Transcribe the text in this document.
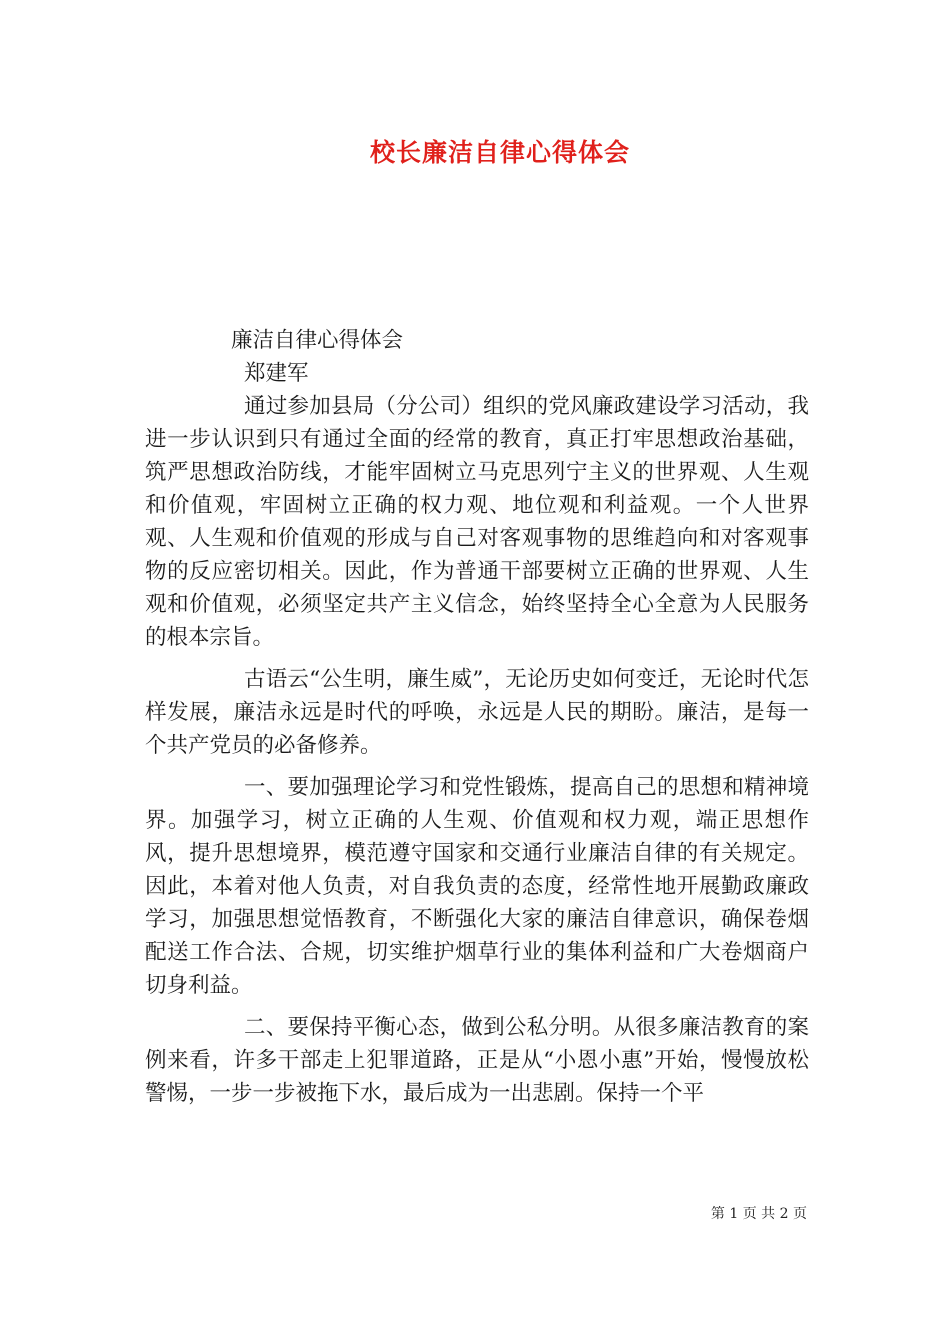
校长廉洁自律心得体会
廉洁自律心得体会
郑建军

通过参加县局（分公司）组织的党风廉政建设学习活动，我进一步认识到只有通过全面的经常的教育，真正打牢思想政治基础，筑严思想政治防线，才能牢固树立马克思列宁主义的世界观、人生观和价值观，牢固树立正确的权力观、地位观和利益观。一个人世界观、人生观和价值观的形成与自己对客观事物的思维趋向和对客观事物的反应密切相关。因此，作为普通干部要树立正确的世界观、人生观和价值观，必须坚定共产主义信念，始终坚持全心全意为人民服务的根本宗旨。

古语云“公生明，廉生威”，无论历史如何变迁，无论时代怎样发展，廉洁永远是时代的呼唤，永远是人民的期盼。廉洁，是每一个共产党员的必备修养。

一、要加强理论学习和党性锻炼，提高自己的思想和精神境界。加强学习，树立正确的人生观、价值观和权力观，端正思想作风，提升思想境界，模范遵守国家和交通行业廉洁自律的有关规定。因此，本着对他人负责，对自我负责的态度，经常性地开展勤政廉政学习，加强思想觉悟教育，不断强化大家的廉洁自律意识，确保卷烟配送工作合法、合规，切实维护烟草行业的集体利益和广大卷烟商户切身利益。

二、要保持平衡心态，做到公私分明。从很多廉洁教育的案例来看，许多干部走上犯罪道路，正是从“小恩小惠”开始，慢慢放松警惕，一步一步被拖下水，最后成为一出悲剧。保持一个平

第 1 页 共 2 页
